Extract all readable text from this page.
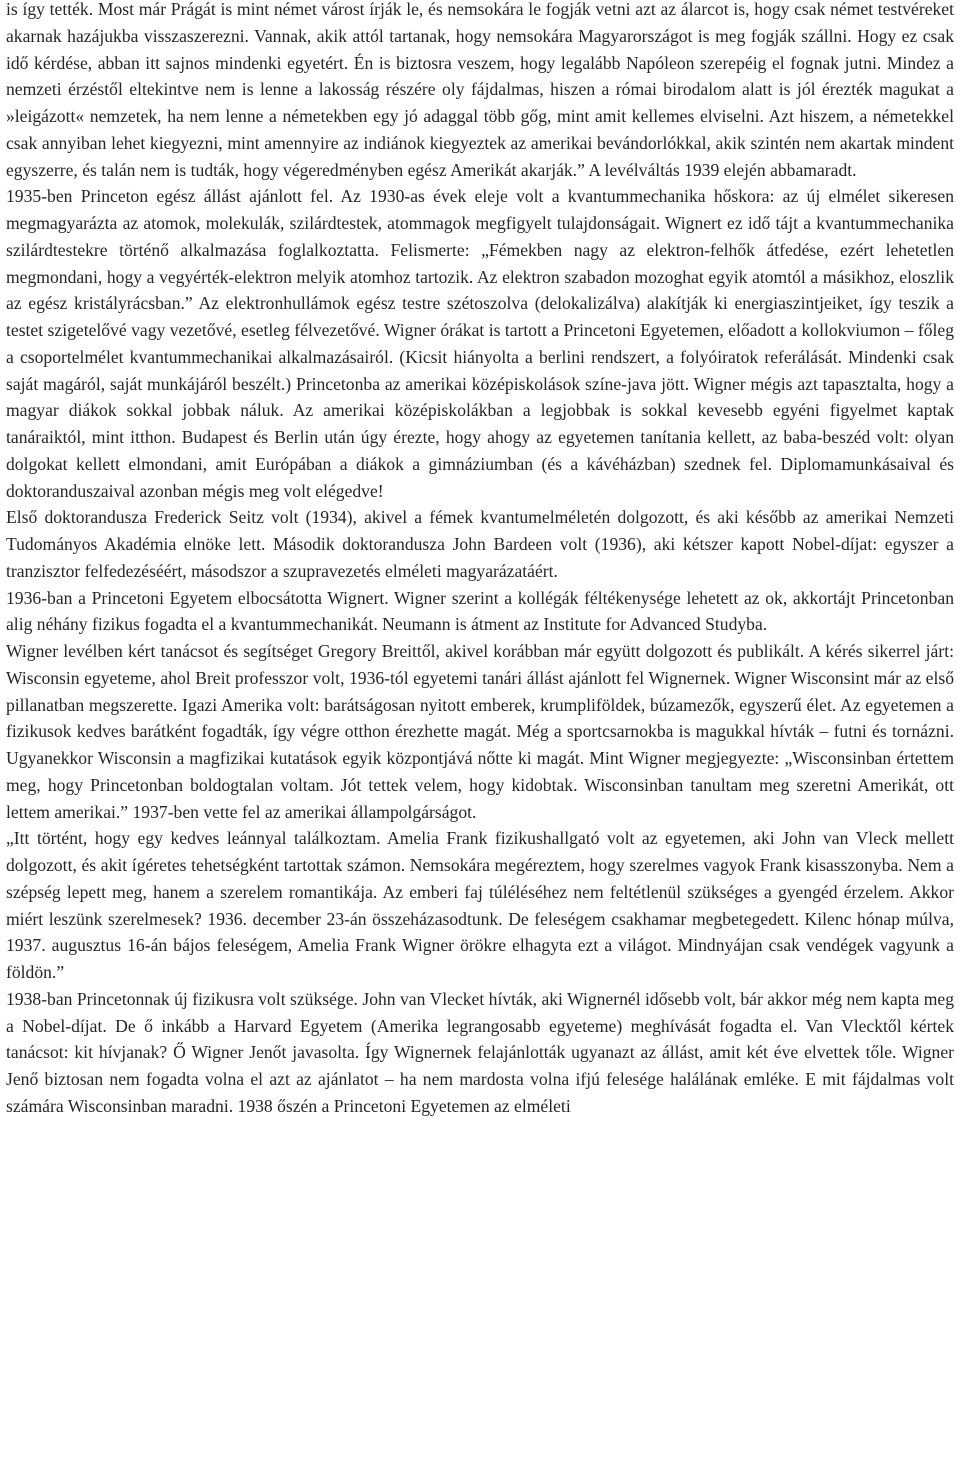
is így tették. Most már Prágát is mint német várost írják le, és nemsokára le fogják vetni azt az álarcot is, hogy csak német testvéreket akarnak hazájukba visszaszerezni. Vannak, akik attól tartanak, hogy nemsokára Magyarországot is meg fogják szállni. Hogy ez csak idő kérdése, abban itt sajnos mindenki egyetért. Én is biztosra veszem, hogy legalább Napóleon szerepéig el fognak jutni. Mindez a nemzeti érzéstől eltekintve nem is lenne a lakosság részére oly fájdalmas, hiszen a római birodalom alatt is jól érezték magukat a »leigázott« nemzetek, ha nem lenne a németekben egy jó adaggal több gőg, mint amit kellemes elviselni. Azt hiszem, a németekkel csak annyiban lehet kiegyezni, mint amennyire az indiánok kiegyeztek az amerikai bevándorlókkal, akik szintén nem akartak mindent egyszerre, és talán nem is tudták, hogy végeredményben egész Amerikát akarják.” A levélváltás 1939 elején abbamaradt.

1935-ben Princeton egész állást ajánlott fel. Az 1930-as évek eleje volt a kvantummechanika hőskora: az új elmélet sikeresen megmagyarázta az atomok, molekulák, szilárdtestek, atommagok megfigyelt tulajdonságait. Wignert ez idő tájt a kvantummechanika szilárdtestekre történő alkalmazása foglalkoztatta. Felismerte: „Fémekben nagy az elektron-felhők átfedése, ezért lehetetlen megmondani, hogy a vegyérték-elektron melyik atomhoz tartozik. Az elektron szabadon mozoghat egyik atomtól a másikhoz, eloszlik az egész kristályrácsban.” Az elektronhullámok egész testre szétoszolva (delokalizálva) alakítják ki energiaszintjeiket, így teszik a testet szigetelővé vagy vezetővé, esetleg félvezetővé. Wigner órákat is tartott a Princetoni Egyetemen, előadott a kollokviumon – főleg a csoportelmélet kvantummechanikai alkalmazásairól. (Kicsit hiányolta a berlini rendszert, a folyóiratok referálását. Mindenki csak saját magáról, saját munkájáról beszélt.) Princetonba az amerikai középiskolások színe-java jött. Wigner mégis azt tapasztalta, hogy a magyar diákok sokkal jobbak náluk. Az amerikai középiskolákban a legjobbak is sokkal kevesebb egyéni figyelmet kaptak tanáraiktól, mint itthon. Budapest és Berlin után úgy érezte, hogy ahogy az egyetemen tanítania kellett, az baba-beszéd volt: olyan dolgokat kellett elmondani, amit Európában a diákok a gimnáziumban (és a kávéházban) szednek fel. Diplomamunkásaival és doktoranduszaival azonban mégis meg volt elégedve!

Első doktorandusza Frederick Seitz volt (1934), akivel a fémek kvantumelméletén dolgozott, és aki később az amerikai Nemzeti Tudományos Akadémia elnöke lett. Második doktorandusza John Bardeen volt (1936), aki kétszer kapott Nobel-díjat: egyszer a tranzisztor felfedezéséért, másodszor a szupravezetés elméleti magyarázatáért.

1936-ban a Princetoni Egyetem elbocsátotta Wignert. Wigner szerint a kollégák féltékenysége lehetett az ok, akkortájt Princetonban alig néhány fizikus fogadta el a kvantummechanikát. Neumann is átment az Institute for Advanced Studyba.

Wigner levélben kért tanácsot és segítséget Gregory Breittől, akivel korábban már együtt dolgozott és publikált. A kérés sikerrel járt: Wisconsin egyeteme, ahol Breit professzor volt, 1936-tól egyetemi tanári állást ajánlott fel Wignernek. Wigner Wisconsint már az első pillanatban megszerette. Igazi Amerika volt: barátságosan nyitott emberek, krumpliföldek, búzamezők, egyszerű élet. Az egyetemen a fizikusok kedves barátként fogadták, így végre otthon érezhette magát. Még a sportcsarnokba is magukkal hívták – futni és tornázni. Ugyanekkor Wisconsin a magfizikai kutatások egyik központjává nőtte ki magát. Mint Wigner megjegyezte: „Wisconsinban értettem meg, hogy Princetonban boldogtalan voltam. Jót tettek velem, hogy kidobtak. Wisconsinban tanultam meg szeretni Amerikát, ott lettem amerikai.” 1937-ben vette fel az amerikai állampolgárságot.

„Itt történt, hogy egy kedves leánnyal találkoztam. Amelia Frank fizikushallgató volt az egyetemen, aki John van Vleck mellett dolgozott, és akit ígéretes tehetségként tartottak számon. Nemsokára megéreztem, hogy szerelmes vagyok Frank kisasszonyba. Nem a szépség lepett meg, hanem a szerelem romantikája. Az emberi faj túléléséhez nem feltétlenül szükséges a gyengéd érzelem. Akkor miért leszünk szerelmesek? 1936. december 23-án összeházasodtunk. De feleségem csakhamar megbetegedett. Kilenc hónap múlva, 1937. augusztus 16-án bájos feleségem, Amelia Frank Wigner örökre elhagyta ezt a világot. Mindnyájan csak vendégek vagyunk a földön.”

1938-ban Princetonnak új fizikusra volt szüksége. John van Vlecket hívták, aki Wignernél idősebb volt, bár akkor még nem kapta meg a Nobel-díjat. De ő inkább a Harvard Egyetem (Amerika legrangosabb egyeteme) meghívását fogadta el. Van Vlecktől kértek tanácsot: kit hívjanak? Ő Wigner Jenőt javasolta. Így Wignernek felajánlották ugyanazt az állást, amit két éve elvettek tőle. Wigner Jenő biztosan nem fogadta volna el azt az ajánlatot – ha nem mardosta volna ifjú felesége halálának emléke. E mit fájdalmas volt számára Wisconsinban maradni. 1938 őszén a Princetoni Egyetemen az elméleti
